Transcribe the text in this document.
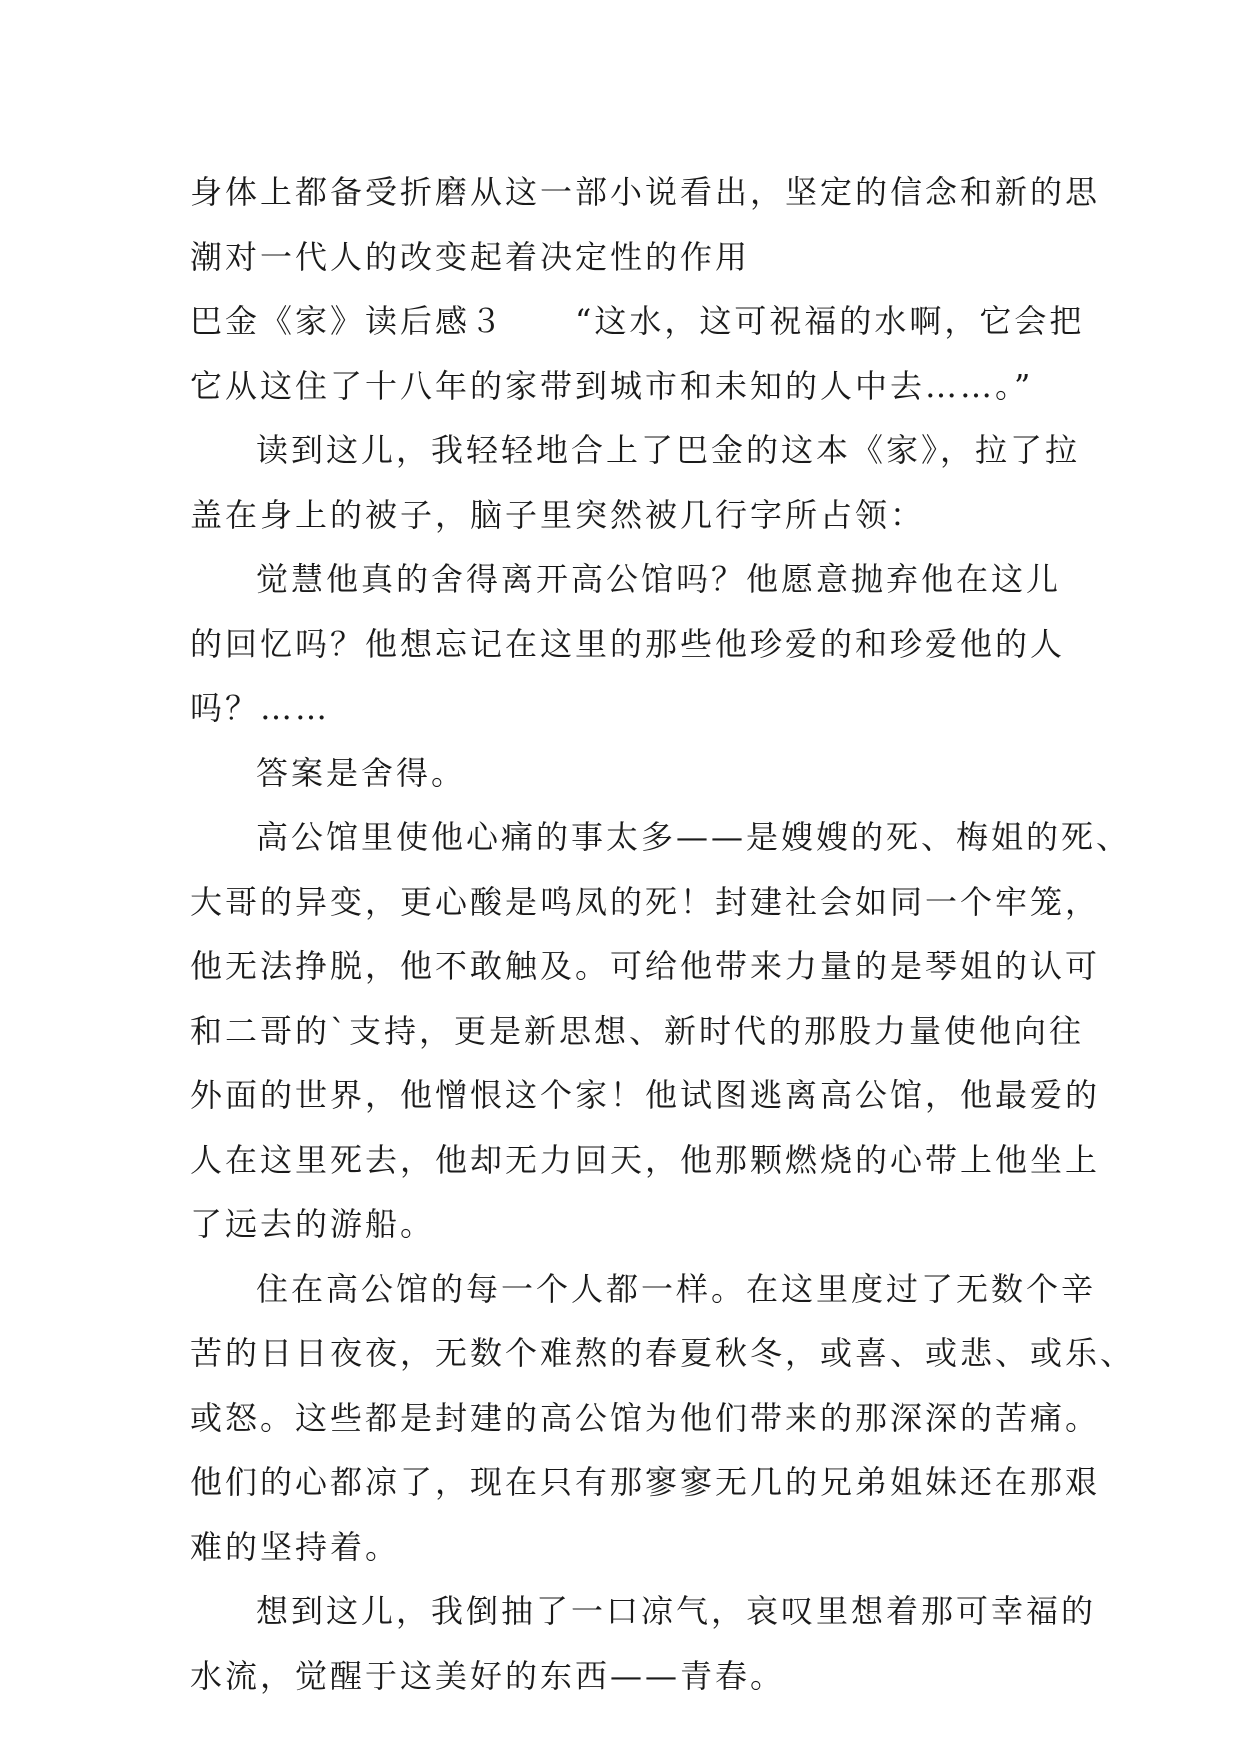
身体上都备受折磨从这一部小说看出，坚定的信念和新的思
潮对一代人的改变起着决定性的作用
巴金《家》读后感３　　“这水，这可祝福的水啊，它会把
它从这住了十八年的家带到城市和未知的人中去……。”
读到这儿，我轻轻地合上了巴金的这本《家》，拉了拉
盖在身上的被子，脑子里突然被几行字所占领：
觉慧他真的舍得离开高公馆吗？他愿意抛弃他在这儿
的回忆吗？他想忘记在这里的那些他珍爱的和珍爱他的人
吗？……
答案是舍得。
高公馆里使他心痛的事太多——是嫂嫂的死、梅姐的死、
大哥的异变，更心酸是鸣凤的死！封建社会如同一个牢笼，
他无法挣脱，他不敢触及。可给他带来力量的是琴姐的认可
和二哥的`支持，更是新思想、新时代的那股力量使他向往
外面的世界，他憎恨这个家！他试图逃离高公馆，他最爱的
人在这里死去，他却无力回天，他那颗燃烧的心带上他坐上
了远去的游船。
住在高公馆的每一个人都一样。在这里度过了无数个辛
苦的日日夜夜，无数个难熬的春夏秋冬，或喜、或悲、或乐、
或怒。这些都是封建的高公馆为他们带来的那深深的苦痛。
他们的心都凉了，现在只有那寥寥无几的兄弟姐妹还在那艰
难的坚持着。
想到这儿，我倒抽了一口凉气，哀叹里想着那可幸福的
水流，觉醒于这美好的东西——青春。
